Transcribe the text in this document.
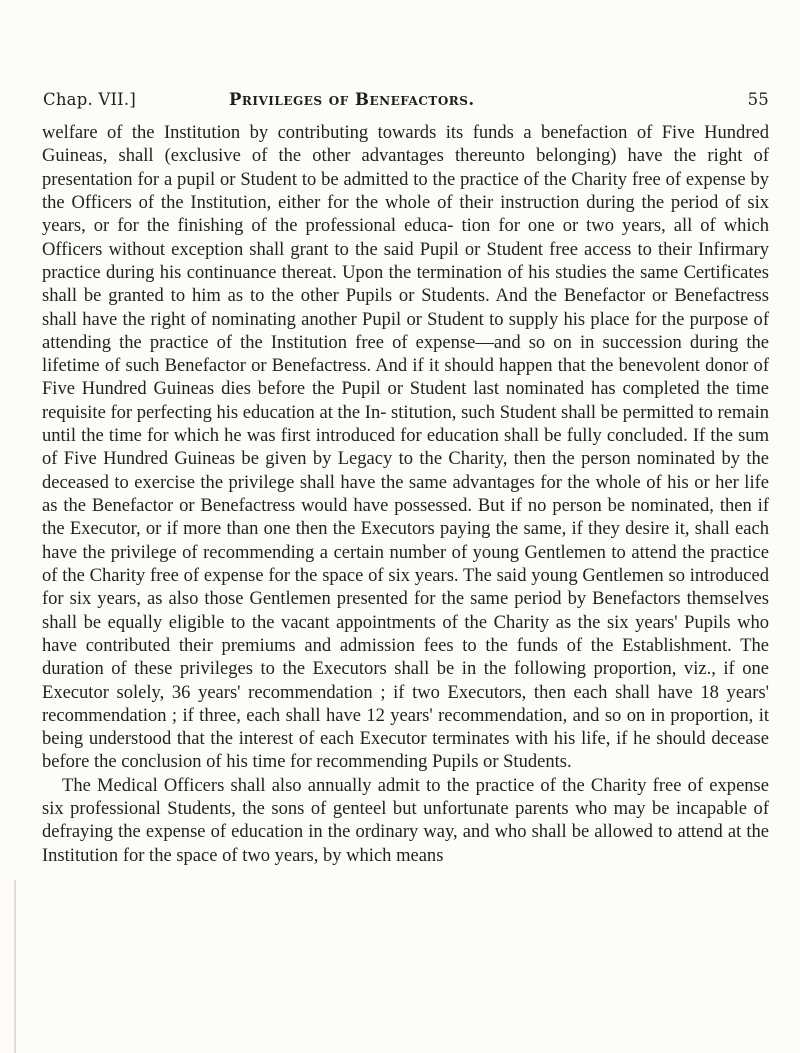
Chap. VII.]	Privileges of Benefactors.	55

welfare of the Institution by contributing towards its funds a benefaction of Five Hundred Guineas, shall (exclusive of the other advantages thereunto belonging) have the right of presentation for a pupil or Student to be admitted to the practice of the Charity free of expense by the Officers of the Institution, either for the whole of their instruction during the period of six years, or for the finishing of the professional educa- tion for one or two years, all of which Officers without exception shall grant to the said Pupil or Student free access to their Infirmary practice during his continuance thereat. Upon the termination of his studies the same Certificates shall be granted to him as to the other Pupils or Students. And the Benefactor or Benefactress shall have the right of nominating another Pupil or Student to supply his place for the purpose of attending the practice of the Institution free of expense—and so on in succession during the lifetime of such Benefactor or Benefactress. And if it should happen that the benevolent donor of Five Hundred Guineas dies before the Pupil or Student last nominated has completed the time requisite for perfecting his education at the In- stitution, such Student shall be permitted to remain until the time for which he was first introduced for education shall be fully concluded. If the sum of Five Hundred Guineas be given by Legacy to the Charity, then the person nominated by the deceased to exercise the privilege shall have the same advantages for the whole of his or her life as the Benefactor or Benefactress would have possessed. But if no person be nominated, then if the Executor, or if more than one then the Executors paying the same, if they desire it, shall each have the privilege of recommending a certain number of young Gentlemen to attend the practice of the Charity free of expense for the space of six years. The said young Gentlemen so introduced for six years, as also those Gentlemen presented for the same period by Benefactors themselves shall be equally eligible to the vacant appointments of the Charity as the six years' Pupils who have contributed their premiums and admission fees to the funds of the Establishment. The duration of these privileges to the Executors shall be in the following proportion, viz., if one Executor solely, 36 years' recommendation ; if two Executors, then each shall have 18 years' recommendation ; if three, each shall have 12 years' recommendation, and so on in proportion, it being understood that the interest of each Executor terminates with his life, if he should decease before the conclusion of his time for recommending Pupils or Students.

The Medical Officers shall also annually admit to the practice of the Charity free of expense six professional Students, the sons of genteel but unfortunate parents who may be incapable of defraying the expense of education in the ordinary way, and who shall be allowed to attend at the Institution for the space of two years, by which means
